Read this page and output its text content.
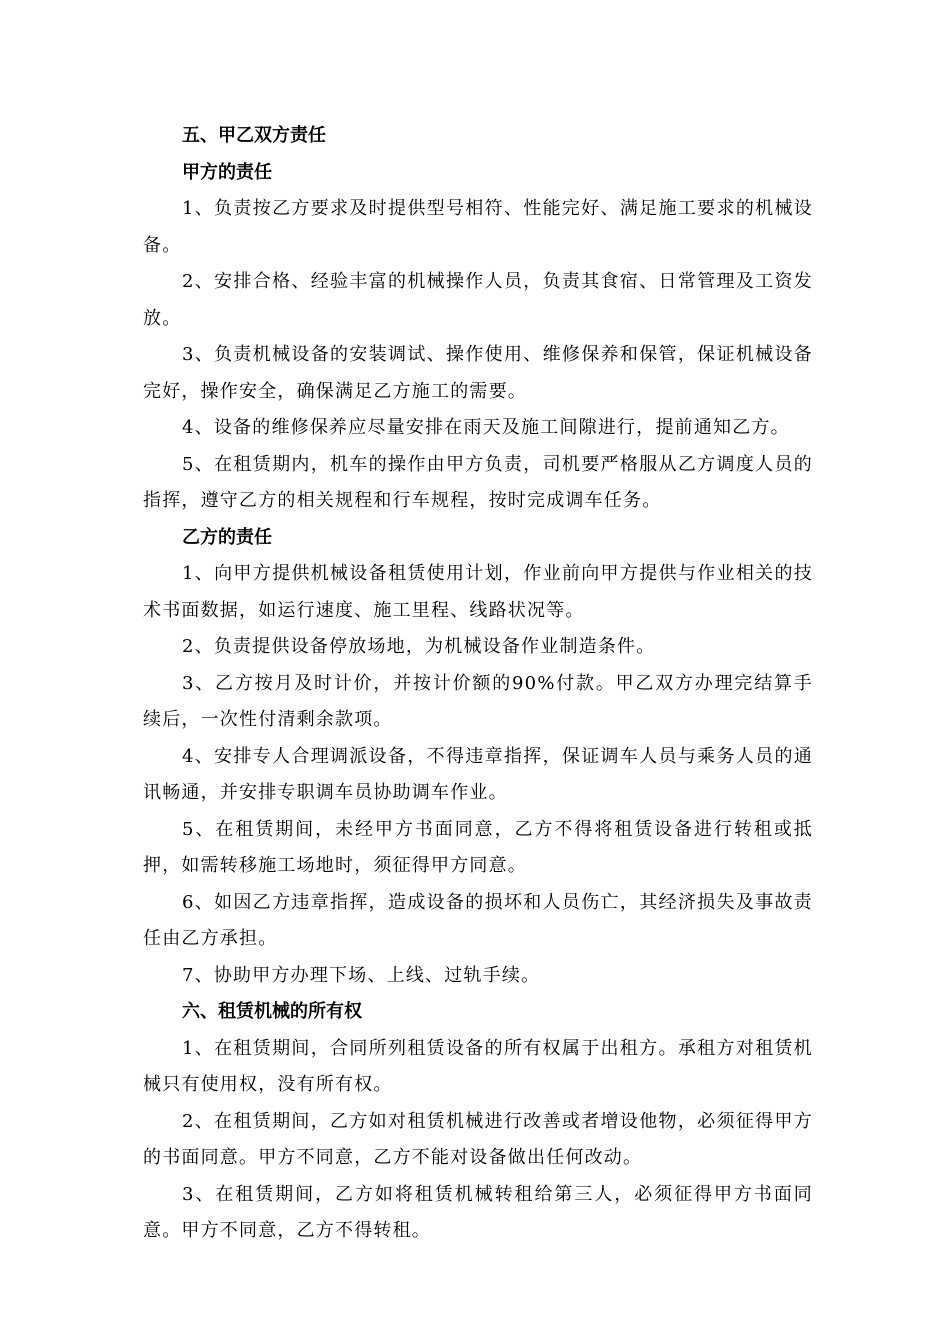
五、甲乙双方责任

甲方的责任

1、负责按乙方要求及时提供型号相符、性能完好、满足施工要求的机械设备。

2、安排合格、经验丰富的机械操作人员，负责其食宿、日常管理及工资发放。

3、负责机械设备的安装调试、操作使用、维修保养和保管，保证机械设备完好，操作安全，确保满足乙方施工的需要。

4、设备的维修保养应尽量安排在雨天及施工间隙进行，提前通知乙方。

5、在租赁期内，机车的操作由甲方负责，司机要严格服从乙方调度人员的指挥，遵守乙方的相关规程和行车规程，按时完成调车任务。

乙方的责任

1、向甲方提供机械设备租赁使用计划，作业前向甲方提供与作业相关的技术书面数据，如运行速度、施工里程、线路状况等。

2、负责提供设备停放场地，为机械设备作业制造条件。

3、乙方按月及时计价，并按计价额的90%付款。甲乙双方办理完结算手续后，一次性付清剩余款项。

4、安排专人合理调派设备，不得违章指挥，保证调车人员与乘务人员的通讯畅通，并安排专职调车员协助调车作业。

5、在租赁期间，未经甲方书面同意，乙方不得将租赁设备进行转租或抵押，如需转移施工场地时，须征得甲方同意。

6、如因乙方违章指挥，造成设备的损坏和人员伤亡，其经济损失及事故责任由乙方承担。

7、协助甲方办理下场、上线、过轨手续。

六、租赁机械的所有权

1、在租赁期间，合同所列租赁设备的所有权属于出租方。承租方对租赁机械只有使用权，没有所有权。

2、在租赁期间，乙方如对租赁机械进行改善或者增设他物，必须征得甲方的书面同意。甲方不同意，乙方不能对设备做出任何改动。

3、在租赁期间，乙方如将租赁机械转租给第三人，必须征得甲方书面同意。甲方不同意，乙方不得转租。
